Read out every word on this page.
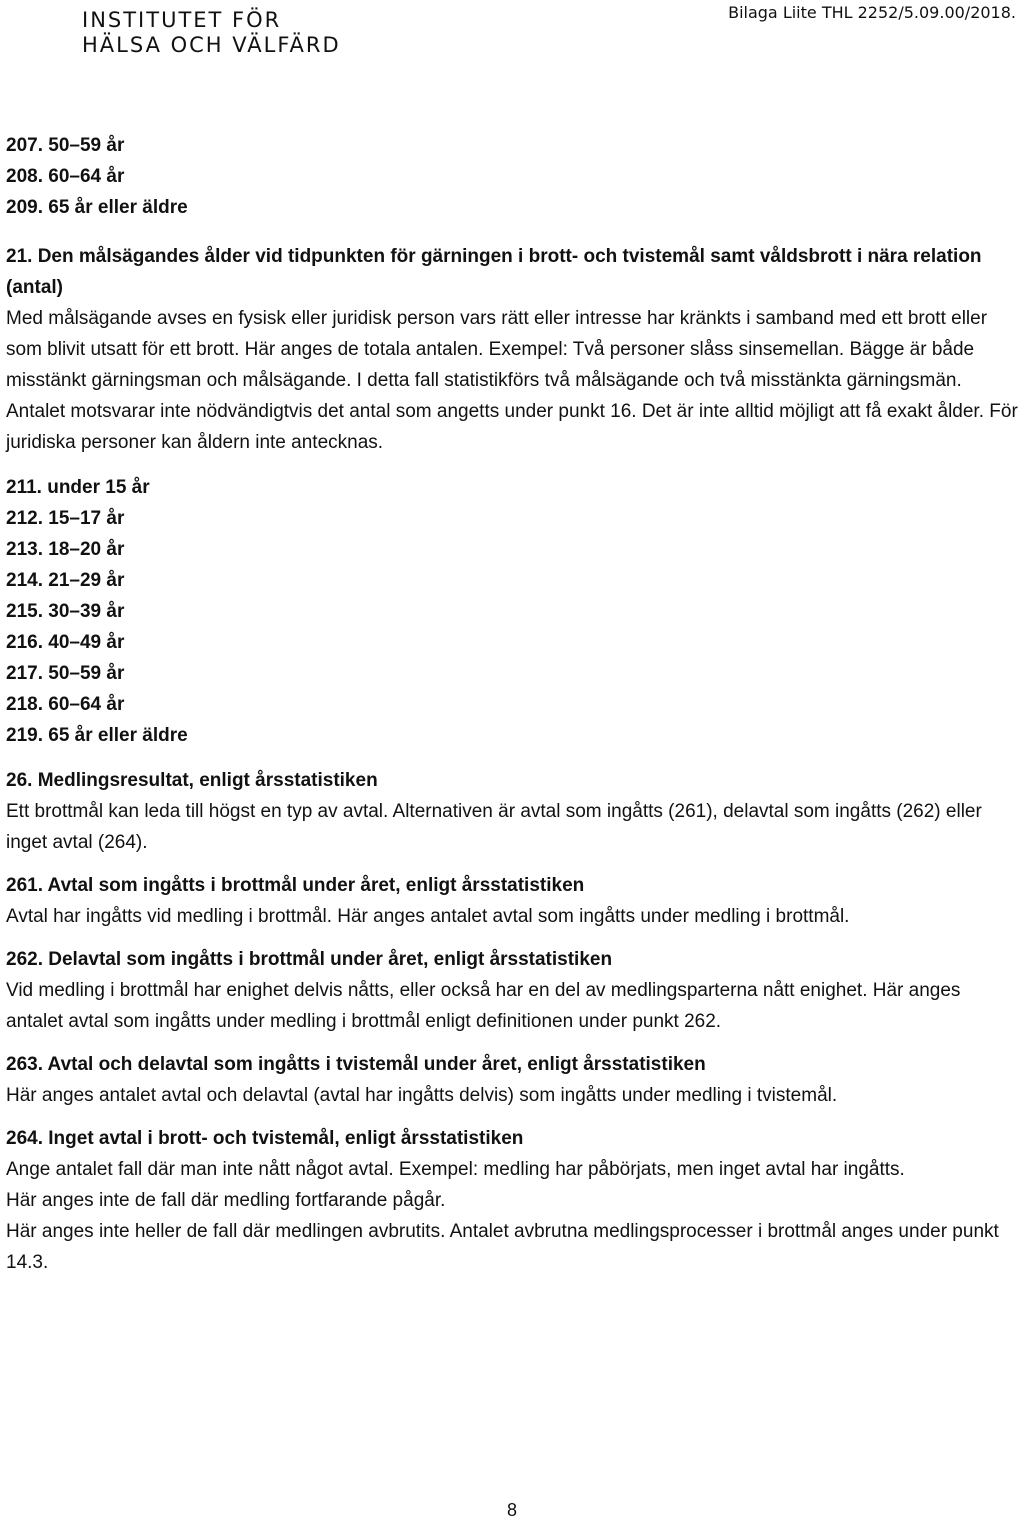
INSTITUTET FÖR
HÄLSA OCH VÄLFÄRD
Bilaga Liite THL 2252/5.09.00/2018.
207. 50–59 år
208. 60–64 år
209. 65 år eller äldre
21. Den målsägandes ålder vid tidpunkten för gärningen i brott- och tvistemål samt våldsbrott i nära relation (antal)
Med målsägande avses en fysisk eller juridisk person vars rätt eller intresse har kränkts i samband med ett brott eller som blivit utsatt för ett brott. Här anges de totala antalen. Exempel: Två personer slåss sinsemellan. Bägge är både misstänkt gärningsman och målsägande. I detta fall statistikförs två målsägande och två misstänkta gärningsmän. Antalet motsvarar inte nödvändigtvis det antal som angetts under punkt 16. Det är inte alltid möjligt att få exakt ålder. För juridiska personer kan åldern inte antecknas.
211. under 15 år
212. 15–17 år
213. 18–20 år
214. 21–29 år
215. 30–39 år
216. 40–49 år
217. 50–59 år
218. 60–64 år
219. 65 år eller äldre
26. Medlingsresultat, enligt årsstatistiken
Ett brottmål kan leda till högst en typ av avtal. Alternativen är avtal som ingåtts (261), delavtal som ingåtts (262) eller inget avtal (264).
261. Avtal som ingåtts i brottmål under året, enligt årsstatistiken
Avtal har ingåtts vid medling i brottmål. Här anges antalet avtal som ingåtts under medling i brottmål.
262. Delavtal som ingåtts i brottmål under året, enligt årsstatistiken
Vid medling i brottmål har enighet delvis nåtts, eller också har en del av medlingsparterna nått enighet. Här anges antalet avtal som ingåtts under medling i brottmål enligt definitionen under punkt 262.
263. Avtal och delavtal som ingåtts i tvistemål under året, enligt årsstatistiken
Här anges antalet avtal och delavtal (avtal har ingåtts delvis) som ingåtts under medling i tvistemål.
264. Inget avtal i brott- och tvistemål, enligt årsstatistiken
Ange antalet fall där man inte nått något avtal. Exempel: medling har påbörjats, men inget avtal har ingåtts.
Här anges inte de fall där medling fortfarande pågår.
Här anges inte heller de fall där medlingen avbrutits. Antalet avbrutna medlingsprocesser i brottmål anges under punkt 14.3.
8
